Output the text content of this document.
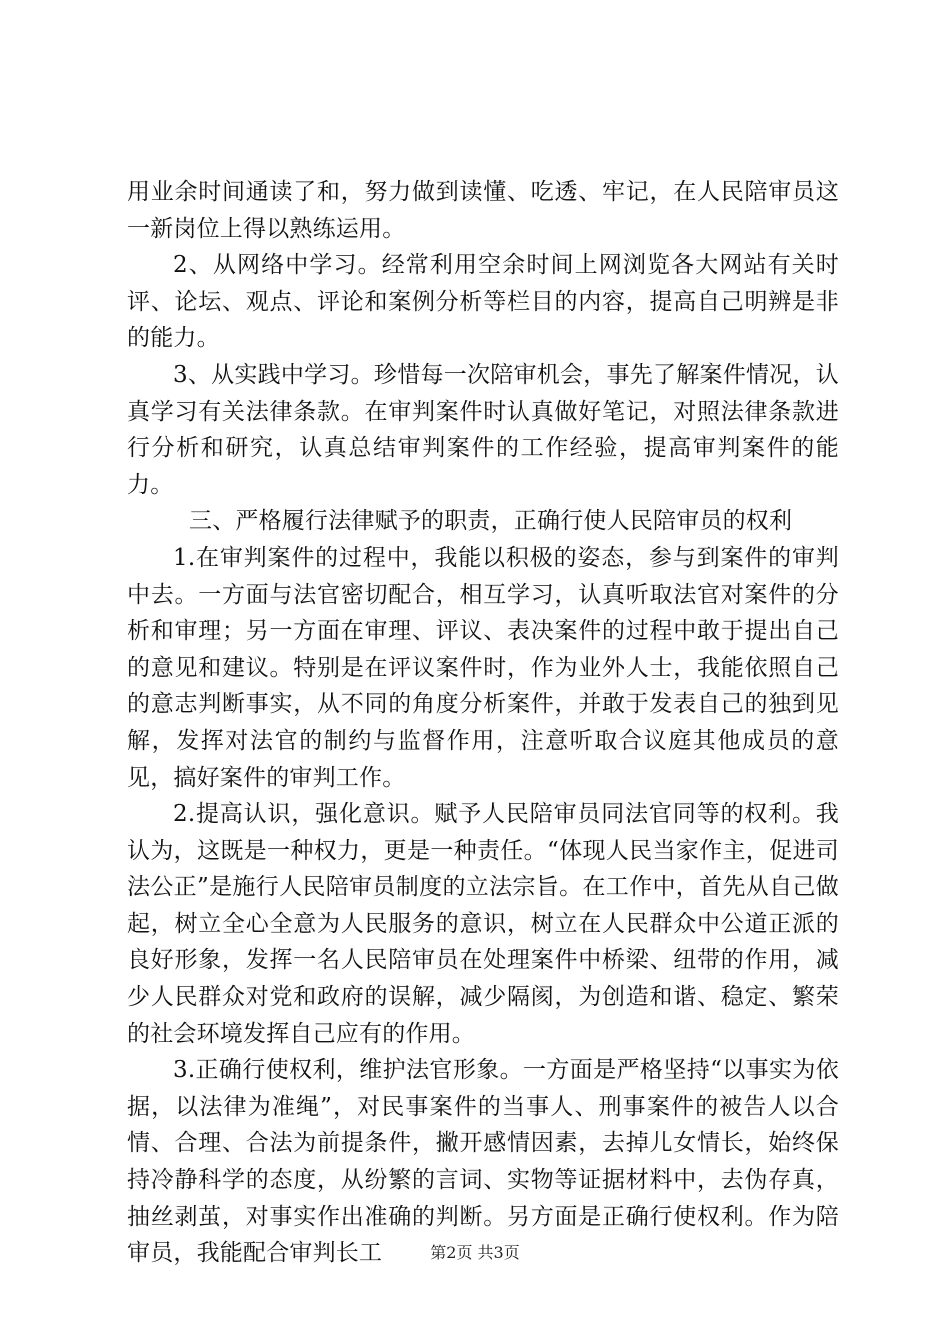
用业余时间通读了和，努力做到读懂、吃透、牢记，在人民陪审员这一新岗位上得以熟练运用。

2、从网络中学习。经常利用空余时间上网浏览各大网站有关时评、论坛、观点、评论和案例分析等栏目的内容，提高自己明辨是非的能力。

3、从实践中学习。珍惜每一次陪审机会，事先了解案件情况，认真学习有关法律条款。在审判案件时认真做好笔记，对照法律条款进行分析和研究，认真总结审判案件的工作经验，提高审判案件的能力。

三、严格履行法律赋予的职责，正确行使人民陪审员的权利

1.在审判案件的过程中，我能以积极的姿态，参与到案件的审判中去。一方面与法官密切配合，相互学习，认真听取法官对案件的分析和审理；另一方面在审理、评议、表决案件的过程中敢于提出自己的意见和建议。特别是在评议案件时，作为业外人士，我能依照自己的意志判断事实，从不同的角度分析案件，并敢于发表自己的独到见解，发挥对法官的制约与监督作用，注意听取合议庭其他成员的意见，搞好案件的审判工作。

2.提高认识，强化意识。赋予人民陪审员同法官同等的权利。我认为，这既是一种权力，更是一种责任。“体现人民当家作主，促进司法公正”是施行人民陪审员制度的立法宗旨。在工作中，首先从自己做起，树立全心全意为人民服务的意识，树立在人民群众中公道正派的良好形象，发挥一名人民陪审员在处理案件中桥梁、纽带的作用，减少人民群众对党和政府的误解，减少隔阂，为创造和谐、稳定、繁荣的社会环境发挥自己应有的作用。

3.正确行使权利，维护法官形象。一方面是严格坚持“以事实为依据，以法律为准绳”，对民事案件的当事人、刑事案件的被告人以合情、合理、合法为前提条件，撇开感情因素，去掉儿女情长，始终保持冷静科学的态度，从纷繁的言词、实物等证据材料中，去伪存真，抽丝剥茧，对事实作出准确的判断。另方面是正确行使权利。作为陪审员，我能配合审判长工	第2页 共3页
